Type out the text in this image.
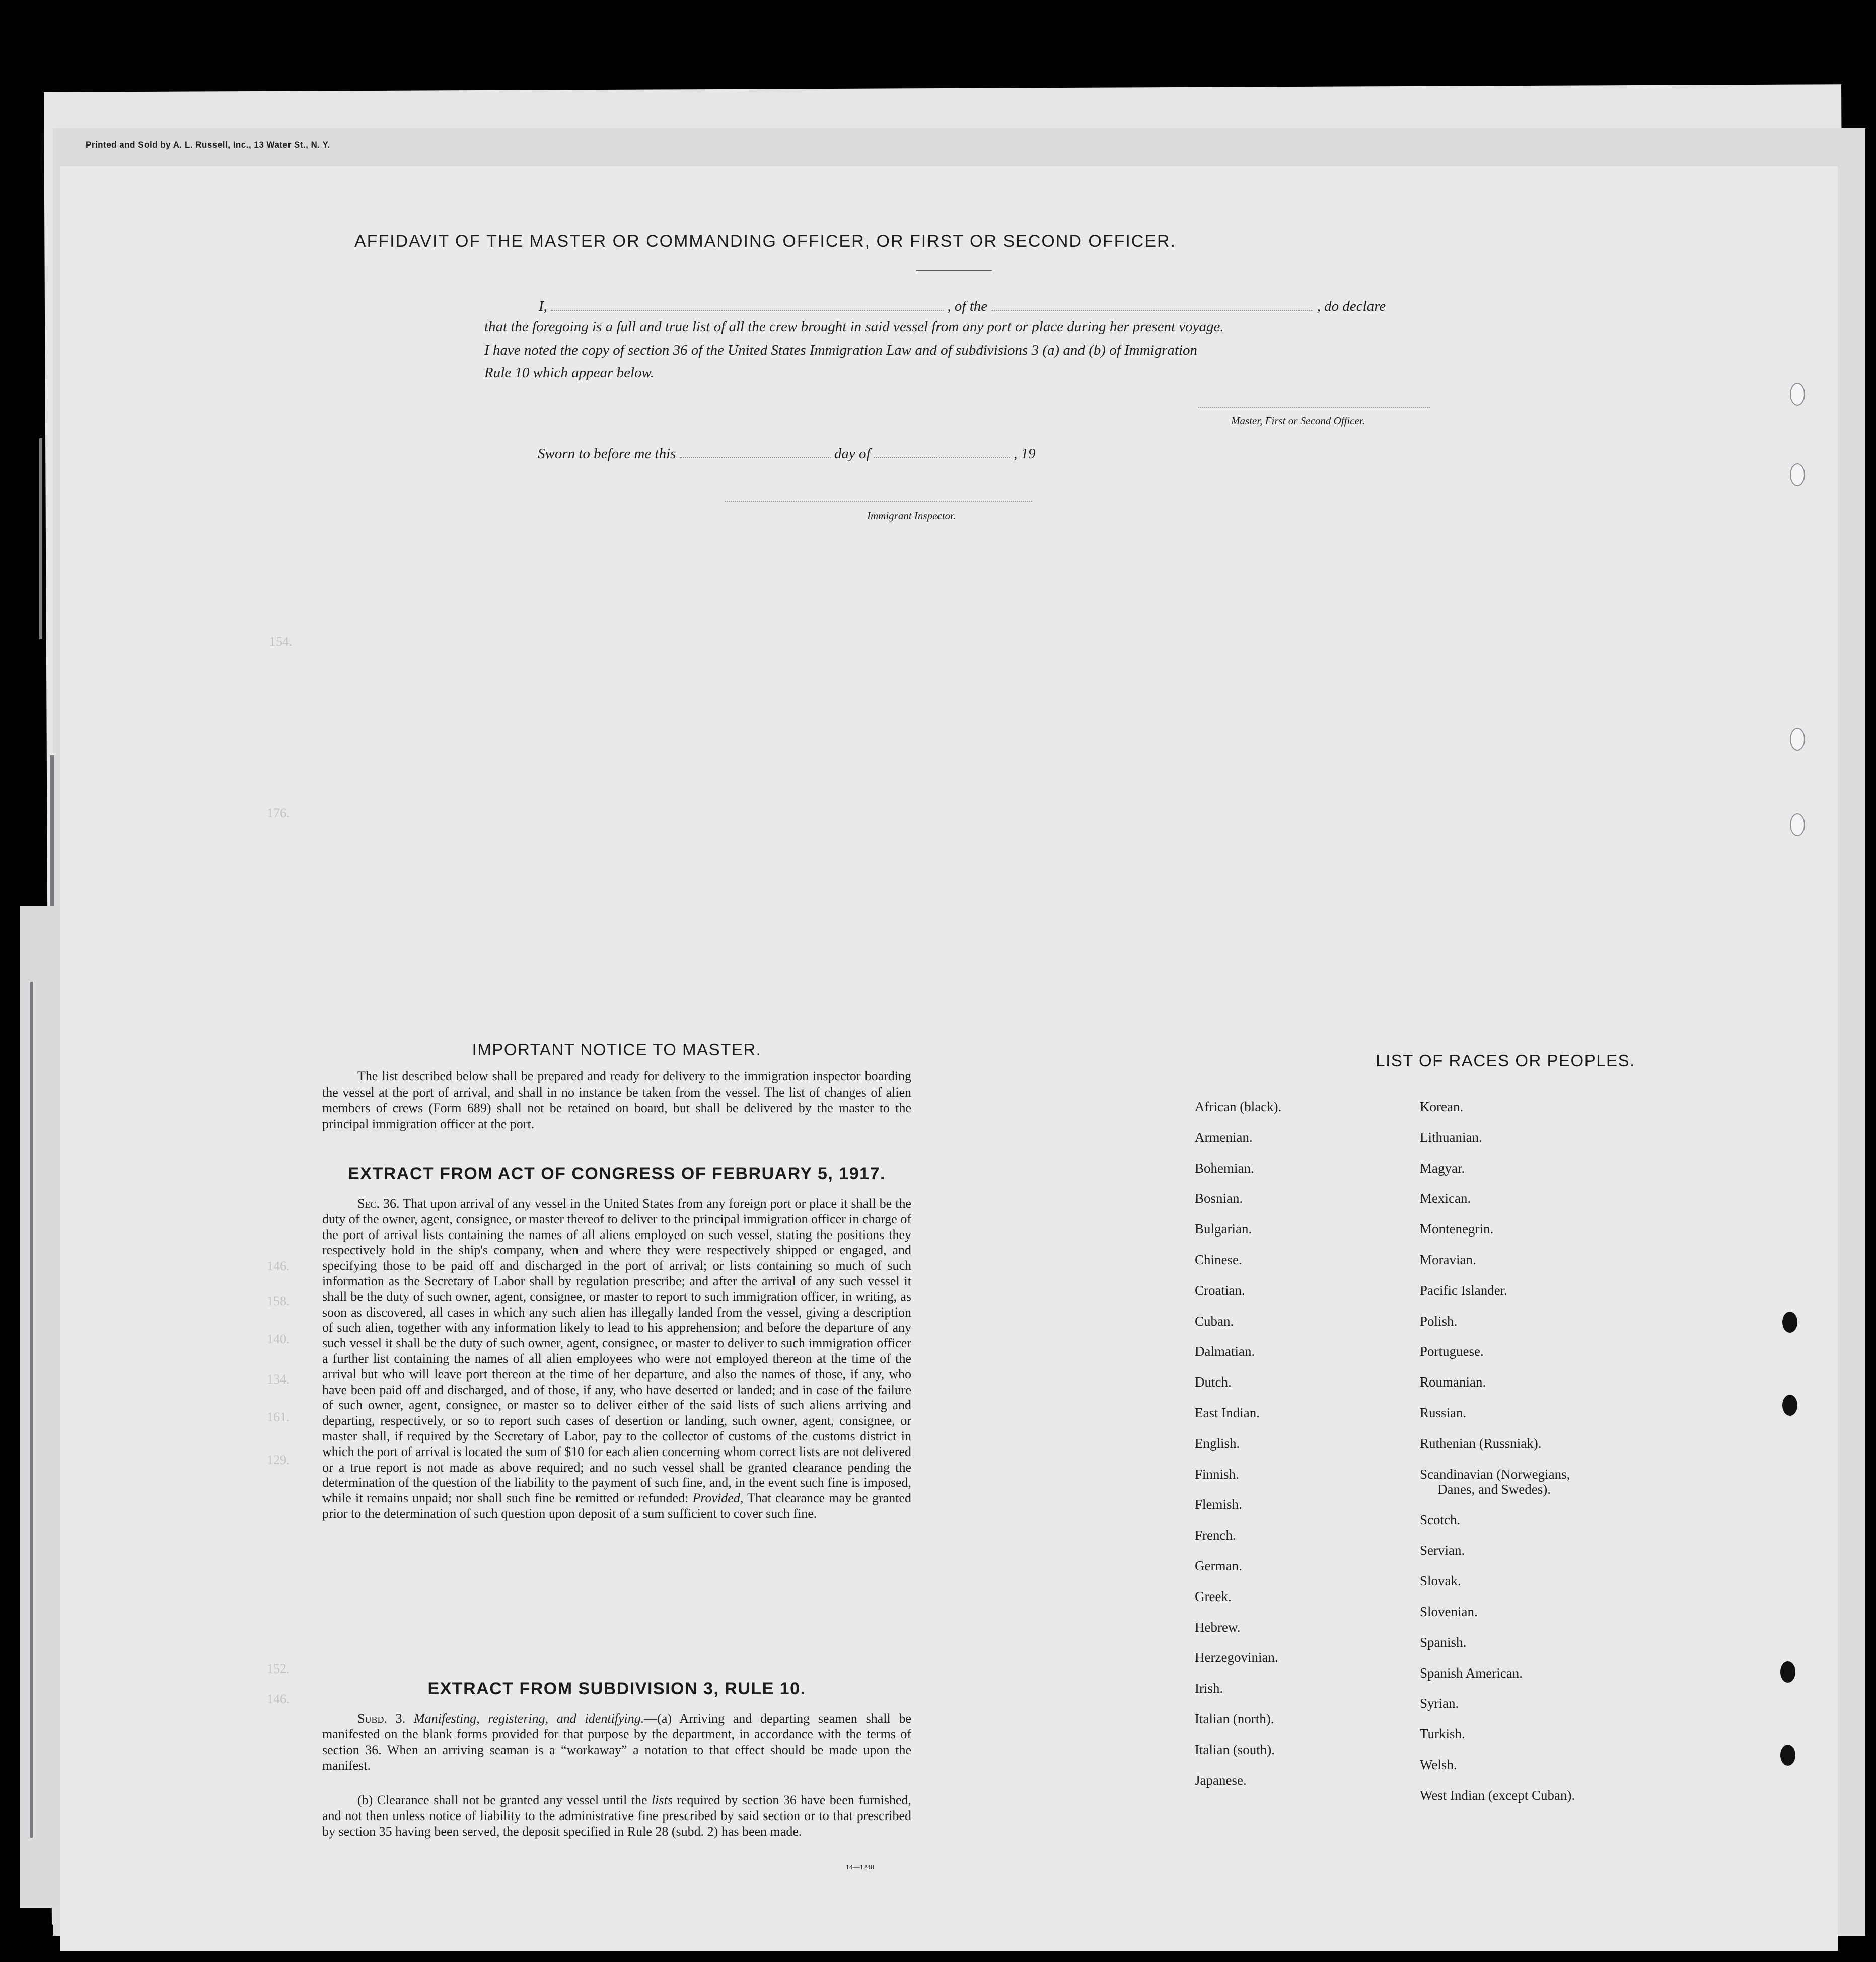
Printed and Sold by A. L. Russell, Inc., 13 Water St., N. Y.
AFFIDAVIT OF THE MASTER OR COMMANDING OFFICER, OR FIRST OR SECOND OFFICER.
I,	, of the	, do declare
that the foregoing is a full and true list of all the crew brought in said vessel from any port or place during her present voyage.
I have noted the copy of section 36 of the United States Immigration Law and of subdivisions 3 (a) and (b) of Immigration
Rule 10 which appear below.
Master, First or Second Officer.
Sworn to before me this	day of	, 19
Immigrant Inspector.
154.
176.
146.
158.
140.
134.
161.
129.
152.
146.
IMPORTANT NOTICE TO MASTER.
The list described below shall be prepared and ready for delivery to the immigration inspector boarding the vessel at the port of arrival, and shall in no instance be taken from the vessel. The list of changes of alien members of crews (Form 689) shall not be retained on board, but shall be delivered by the master to the principal immigration officer at the port.
EXTRACT FROM ACT OF CONGRESS OF FEBRUARY 5, 1917.
Sec. 36. That upon arrival of any vessel in the United States from any foreign port or place it shall be the duty of the owner, agent, consignee, or master thereof to deliver to the principal immigration officer in charge of the port of arrival lists containing the names of all aliens employed on such vessel, stating the positions they respectively hold in the ship's company, when and where they were respectively shipped or engaged, and specifying those to be paid off and discharged in the port of arrival; or lists containing so much of such information as the Secretary of Labor shall by regulation prescribe; and after the arrival of any such vessel it shall be the duty of such owner, agent, consignee, or master to report to such immigration officer, in writing, as soon as discovered, all cases in which any such alien has illegally landed from the vessel, giving a description of such alien, together with any information likely to lead to his apprehension; and before the departure of any such vessel it shall be the duty of such owner, agent, consignee, or master to deliver to such immigration officer a further list containing the names of all alien employees who were not employed thereon at the time of the arrival but who will leave port thereon at the time of her departure, and also the names of those, if any, who have been paid off and discharged, and of those, if any, who have deserted or landed; and in case of the failure of such owner, agent, consignee, or master so to deliver either of the said lists of such aliens arriving and departing, respectively, or so to report such cases of desertion or landing, such owner, agent, consignee, or master shall, if required by the Secretary of Labor, pay to the collector of customs of the customs district in which the port of arrival is located the sum of $10 for each alien concerning whom correct lists are not delivered or a true report is not made as above required; and no such vessel shall be granted clearance pending the determination of the question of the liability to the payment of such fine, and, in the event such fine is imposed, while it remains unpaid; nor shall such fine be remitted or refunded: Provided, That clearance may be granted prior to the determination of such question upon deposit of a sum sufficient to cover such fine.
EXTRACT FROM SUBDIVISION 3, RULE 10.
Subd. 3. Manifesting, registering, and identifying.—(a) Arriving and departing seamen shall be manifested on the blank forms provided for that purpose by the department, in accordance with the terms of section 36. When an arriving seaman is a “workaway” a notation to that effect should be made upon the manifest.
(b) Clearance shall not be granted any vessel until the lists required by section 36 have been furnished, and not then unless notice of liability to the administrative fine prescribed by said section or to that prescribed by section 35 having been served, the deposit specified in Rule 28 (subd. 2) has been made.
14—1240
LIST OF RACES OR PEOPLES.
African (black).
Armenian.
Bohemian.
Bosnian.
Bulgarian.
Chinese.
Croatian.
Cuban.
Dalmatian.
Dutch.
East Indian.
English.
Finnish.
Flemish.
French.
German.
Greek.
Hebrew.
Herzegovinian.
Irish.
Italian (north).
Italian (south).
Japanese.
Korean.
Lithuanian.
Magyar.
Mexican.
Montenegrin.
Moravian.
Pacific Islander.
Polish.
Portuguese.
Roumanian.
Russian.
Ruthenian (Russniak).
Scandinavian (Norwegians,
Danes, and Swedes).
Scotch.
Servian.
Slovak.
Slovenian.
Spanish.
Spanish American.
Syrian.
Turkish.
Welsh.
West Indian (except Cuban).
